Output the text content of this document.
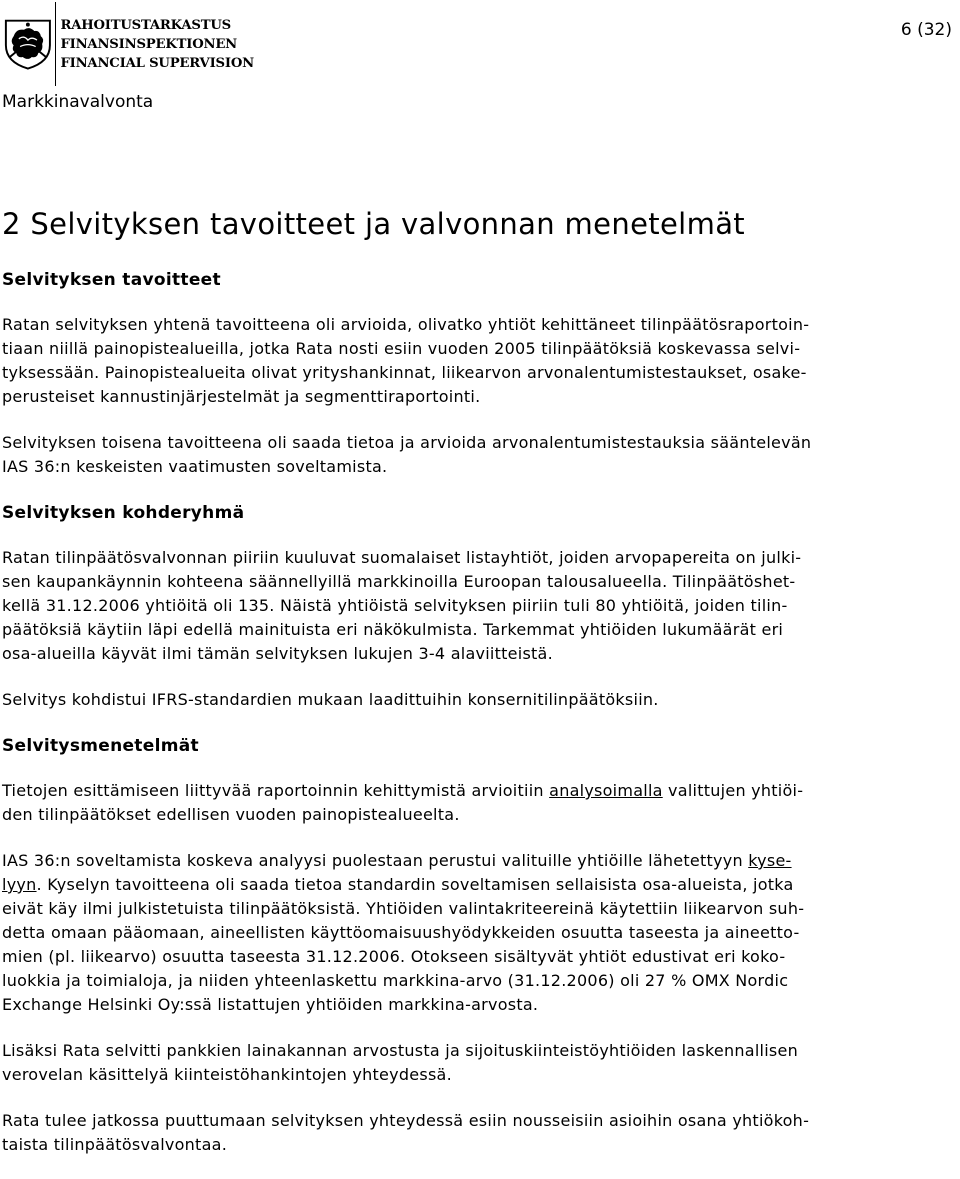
RAHOITUSTARKASTUS
FINANSINSPEKTIONEN
FINANCIAL SUPERVISION
6 (32)
Markkinavalvonta
2 Selvityksen tavoitteet ja valvonnan menetelmät
Selvityksen tavoitteet

Ratan selvityksen yhtenä tavoitteena oli arvioida, olivatko yhtiöt kehittäneet tilinpäätösraportoin-
tiaan niillä painopistealueilla, jotka Rata nosti esiin vuoden 2005 tilinpäätöksiä koskevassa selvi-
tyksessään. Painopistealueita olivat yrityshankinnat, liikearvon arvonalentumistestaukset, osake-
perusteiset kannustinjärjestelmät ja segmenttiraportointi.

Selvityksen toisena tavoitteena oli saada tietoa ja arvioida arvonalentumistestauksia sääntelevän
IAS 36:n keskeisten vaatimusten soveltamista.

Selvityksen kohderyhmä

Ratan tilinpäätösvalvonnan piiriin kuuluvat suomalaiset listayhtiöt, joiden arvopapereita on julki-
sen kaupankäynnin kohteena säännellyillä markkinoilla Euroopan talousalueella. Tilinpäätöshet-
kellä 31.12.2006 yhtiöitä oli 135. Näistä yhtiöistä selvityksen piiriin tuli 80 yhtiöitä, joiden tilin-
päätöksiä käytiin läpi edellä mainituista eri näkökulmista. Tarkemmat yhtiöiden lukumäärät eri
osa-alueilla käyvät ilmi tämän selvityksen lukujen 3-4 alaviitteistä.

Selvitys kohdistui IFRS-standardien mukaan laadittuihin konsernitilinpäätöksiin.

Selvitysmenetelmät

Tietojen esittämiseen liittyvää raportoinnin kehittymistä arvioitiin analysoimalla valittujen yhtiöi-
den tilinpäätökset edellisen vuoden painopistealueelta.

IAS 36:n soveltamista koskeva analyysi puolestaan perustui valituille yhtiöille lähetettyyn kyse-
lyyn. Kyselyn tavoitteena oli saada tietoa standardin soveltamisen sellaisista osa-alueista, jotka
eivät käy ilmi julkistetuista tilinpäätöksistä. Yhtiöiden valintakriteereinä käytettiin liikearvon suh-
detta omaan pääomaan, aineellisten käyttöomaisuushyödykkeiden osuutta taseesta ja aineetto-
mien (pl. liikearvo) osuutta taseesta 31.12.2006. Otokseen sisältyvät yhtiöt edustivat eri koko-
luokkia ja toimialoja, ja niiden yhteenlaskettu markkina-arvo (31.12.2006) oli 27 % OMX Nordic
Exchange Helsinki Oy:ssä listattujen yhtiöiden markkina-arvosta.

Lisäksi Rata selvitti pankkien lainakannan arvostusta ja sijoituskiinteistöyhtiöiden laskennallisen
verovelan käsittelyä kiinteistöhankintojen yhteydessä.

Rata tulee jatkossa puuttumaan selvityksen yhteydessä esiin nousseisiin asioihin osana yhtiökoh-
taista tilinpäätösvalvontaa.
